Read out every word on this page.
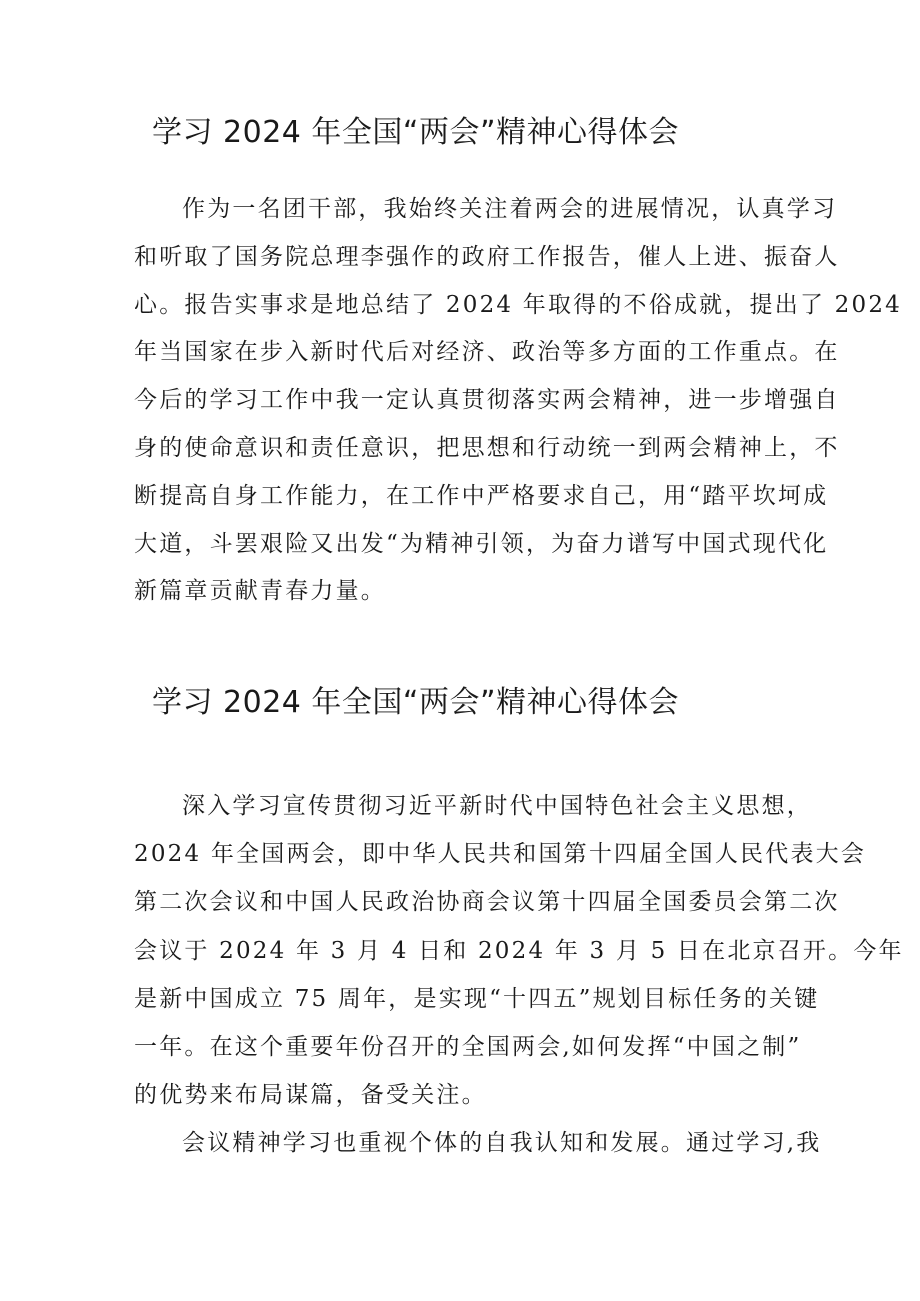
学习 2024 年全国“两会”精神心得体会

作为一名团干部，我始终关注着两会的进展情况，认真学习
和听取了国务院总理李强作的政府工作报告，催人上进、振奋人
心。报告实事求是地总结了 2024 年取得的不俗成就，提出了 2024
年当国家在步入新时代后对经济、政治等多方面的工作重点。在
今后的学习工作中我一定认真贯彻落实两会精神，进一步增强自
身的使命意识和责任意识，把思想和行动统一到两会精神上，不
断提高自身工作能力，在工作中严格要求自己，用“踏平坎坷成
大道，斗罢艰险又出发“为精神引领，为奋力谱写中国式现代化
新篇章贡献青春力量。

学习 2024 年全国“两会”精神心得体会

深入学习宣传贯彻习近平新时代中国特色社会主义思想，
2024 年全国两会，即中华人民共和国第十四届全国人民代表大会
第二次会议和中国人民政治协商会议第十四届全国委员会第二次
会议于 2024 年 3 月 4 日和 2024 年 3 月 5 日在北京召开。今年
是新中国成立 75 周年，是实现“十四五”规划目标任务的关键
一年。在这个重要年份召开的全国两会,如何发挥“中国之制”
的优势来布局谋篇，备受关注。

会议精神学习也重视个体的自我认知和发展。通过学习,我
